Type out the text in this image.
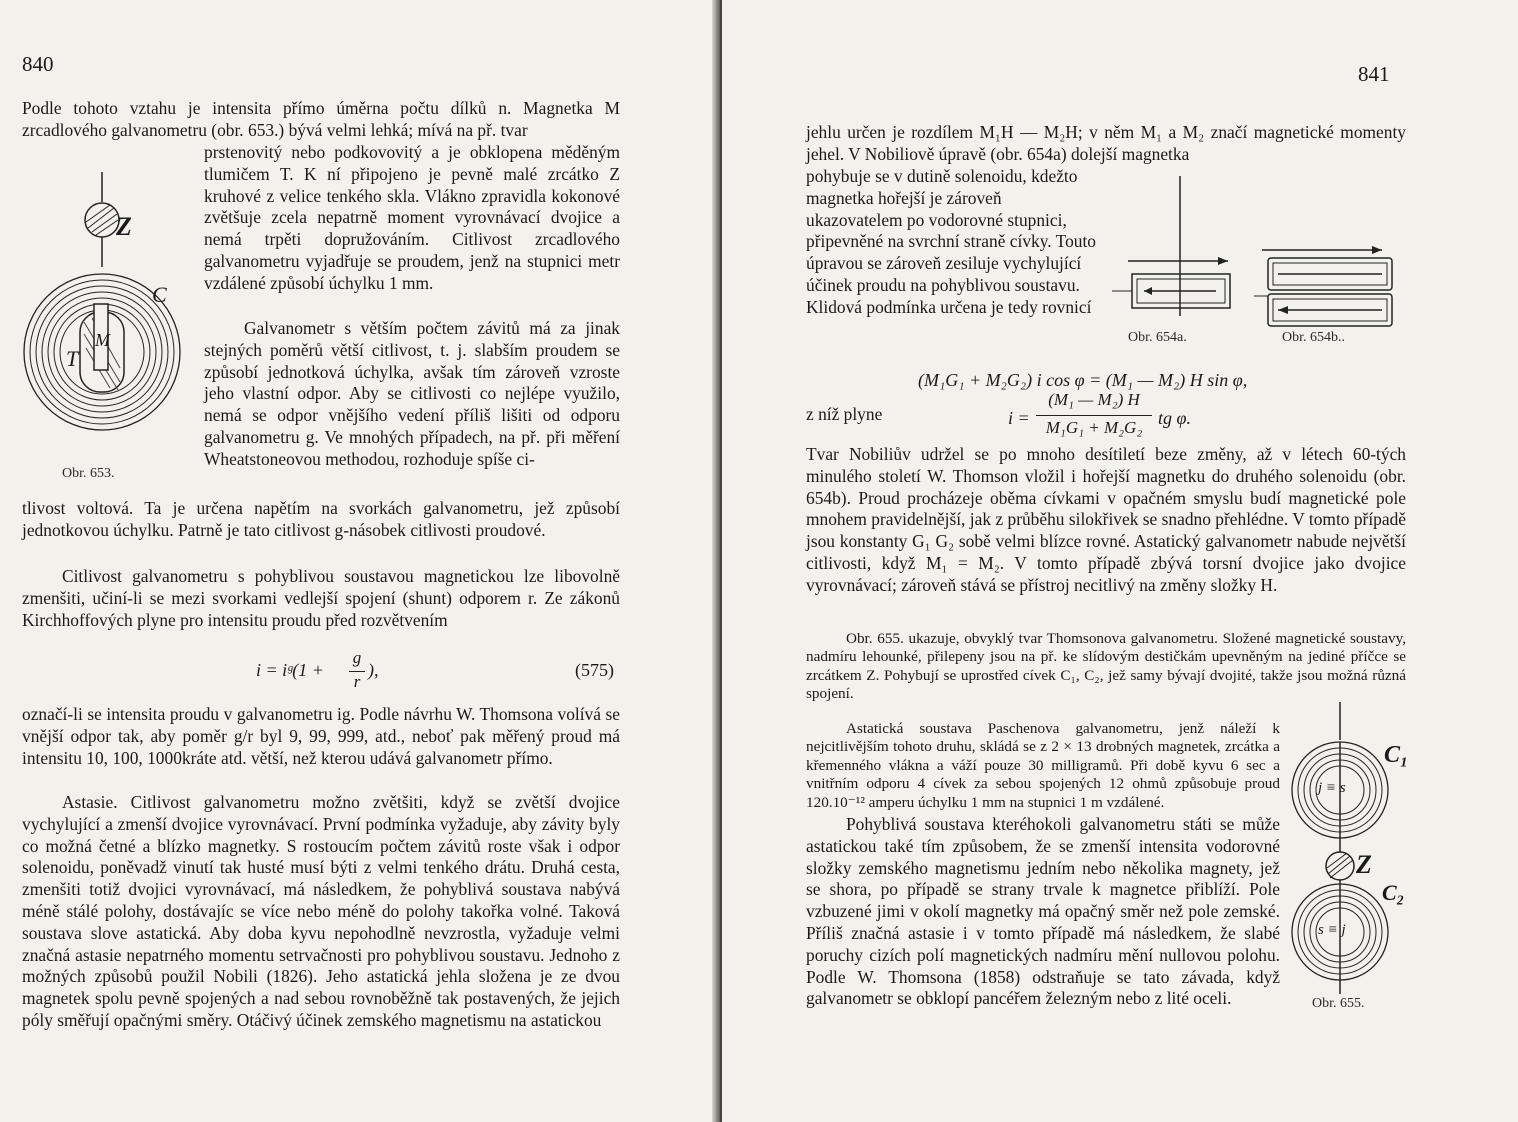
840

Podle tohoto vztahu je intensita přímo úměrna počtu dílků n. Magnetka M zrcadlového galvanometru (obr. 653.) bývá velmi lehká; mívá na př. tvar

Z
C
T
M
Obr. 653.

prstenovitý nebo podkovovitý a je obklopena měděným tlumičem T. K ní připojeno je pevně malé zrcátko Z kruhové z velice tenkého skla. Vlákno zpravidla kokonové zvětšuje zcela nepatrně moment vyrovnávací dvojice a nemá trpěti dopružováním. Citlivost zrcadlového galvanometru vyjadřuje se proudem, jenž na stupnici metr vzdálené způsobí úchylku 1 mm.

Galvanometr s větším počtem závitů má za jinak stejných poměrů větší citlivost, t. j. slabším proudem se způsobí jednotková úchylka, avšak tím zároveň vzroste jeho vlastní odpor. Aby se citlivosti co nejlépe využilo, nemá se odpor vnějšího vedení příliš lišiti od odporu galvanometru g. Ve mnohých případech, na př. při měření Wheatstoneovou methodou, rozhoduje spíše ci-

tlivost voltová. Ta je určena napětím na svorkách galvanometru, jež způsobí jednotkovou úchylku. Patrně je tato citlivost g-násobek citlivosti proudové.

Citlivost galvanometru s pohyblivou soustavou magnetickou lze libovolně zmenšiti, učiní-li se mezi svorkami vedlejší spojení (shunt) odporem r. Ze zákonů Kirchhoffových plyne pro intensitu proudu před rozvětvením

i = iᵍ(1 +
g
r
),	(575)

označí-li se intensita proudu v galvanometru ig. Podle návrhu W. Thomsona volívá se vnější odpor tak, aby poměr g/r byl 9, 99, 999, atd., neboť pak měřený proud má intensitu 10, 100, 1000kráte atd. větší, než kterou udává galvanometr přímo.

Astasie. Citlivost galvanometru možno zvětšiti, když se zvětší dvojice vychylující a zmenší dvojice vyrovnávací. První podmínka vyžaduje, aby závity byly co možná četné a blízko magnetky. S rostoucím počtem závitů roste však i odpor solenoidu, poněvadž vinutí tak husté musí býti z velmi tenkého drátu. Druhá cesta, zmenšiti totiž dvojici vyrovnávací, má následkem, že pohyblivá soustava nabývá méně stálé polohy, dostávajíc se více nebo méně do polohy takořka volné. Taková soustava slove astatická. Aby doba kyvu nepohodlně nevzrostla, vyžaduje velmi značná astasie nepatrného momentu setrvačnosti pro pohyblivou soustavu. Jednoho z možných způsobů použil Nobili (1826). Jeho astatická jehla složena je ze dvou magnetek spolu pevně spojených a nad sebou rovnoběžně tak postavených, že jejich póly směřují opačnými směry. Otáčivý účinek zemského magnetismu na astatickou

841

jehlu určen je rozdílem M₁H — M₂H; v něm M₁ a M₂ značí magnetické momenty jehel. V Nobiliově úpravě (obr. 654a) dolejší magnetka

pohybuje se v dutině solenoidu, kdežto magnetka hořejší je zároveň ukazovatelem po vodorovné stupnici, připevněné na svrchní straně cívky. Touto úpravou se zároveň zesiluje vychylující účinek proudu na pohyblivou soustavu. Klidová podmínka určena je tedy rovnicí

Obr. 654a.	Obr. 654b..
(M₁G₁ + M₂G₂) i cos φ = (M₁ — M₂) H sin φ,
z níž plyne	i =
(M₁ — M₂) H
M₁G₁ + M₂G₂ tg φ.

Tvar Nobiliův udržel se po mnoho desítiletí beze změny, až v létech 60-tých minulého století W. Thomson vložil i hořejší magnetku do druhého solenoidu (obr. 654b). Proud procházeje oběma cívkami v opačném smyslu budí magnetické pole mnohem pravidelnější, jak z průběhu silokřivek se snadno přehlédne. V tomto případě jsou konstanty G₁ G₂ sobě velmi blízce rovné. Astatický galvanometr nabude největší citlivosti, když M₁ = M₂. V tomto případě zbývá torsní dvojice jako dvojice vyrovnávací; zároveň stává se přístroj necitlivý na změny složky H.

Obr. 655. ukazuje, obvyklý tvar Thomsonova galvanometru. Složené magnetické soustavy, nadmíru lehounké, přilepeny jsou na př. ke slídovým destičkám upevněným na jediné příčce se zrcátkem Z. Pohybují se uprostřed cívek C₁, C₂, jež samy bývají dvojité, takže jsou možná různá spojení.

Astatická soustava Paschenova galvanometru, jenž náleží k nejcitlivějším tohoto druhu, skládá se z 2 × 13 drobných magnetek, zrcátka a křemenného vlákna a váží pouze 30 milligramů. Při době kyvu 6 sec a vnitřním odporu 4 cívek za sebou spojených 12 ohmů způsobuje proud 120.10⁻¹² amperu úchylku 1 mm na stupnici 1 m vzdálené.

Pohyblivá soustava kteréhokoli galvanometru státi se může astatickou také tím způsobem, že se zmenší intensita vodorovné složky zemského magnetismu jedním nebo několika magnety, jež se shora, po případě se strany trvale k magnetce přiblíží. Pole vzbuzené jimi v okolí magnetky má opačný směr než pole zemské. Příliš značná astasie i v tomto případě má následkem, že slabé poruchy cizích polí magnetických nadmíru mění nullovou polohu. Podle W. Thomsona (1858) odstraňuje se tato závada, když galvanometr se obklopí pancéřem železným nebo z lité oceli.

C₁
Z
C₂
j ≡ s
s ≡ j
Obr. 655.
